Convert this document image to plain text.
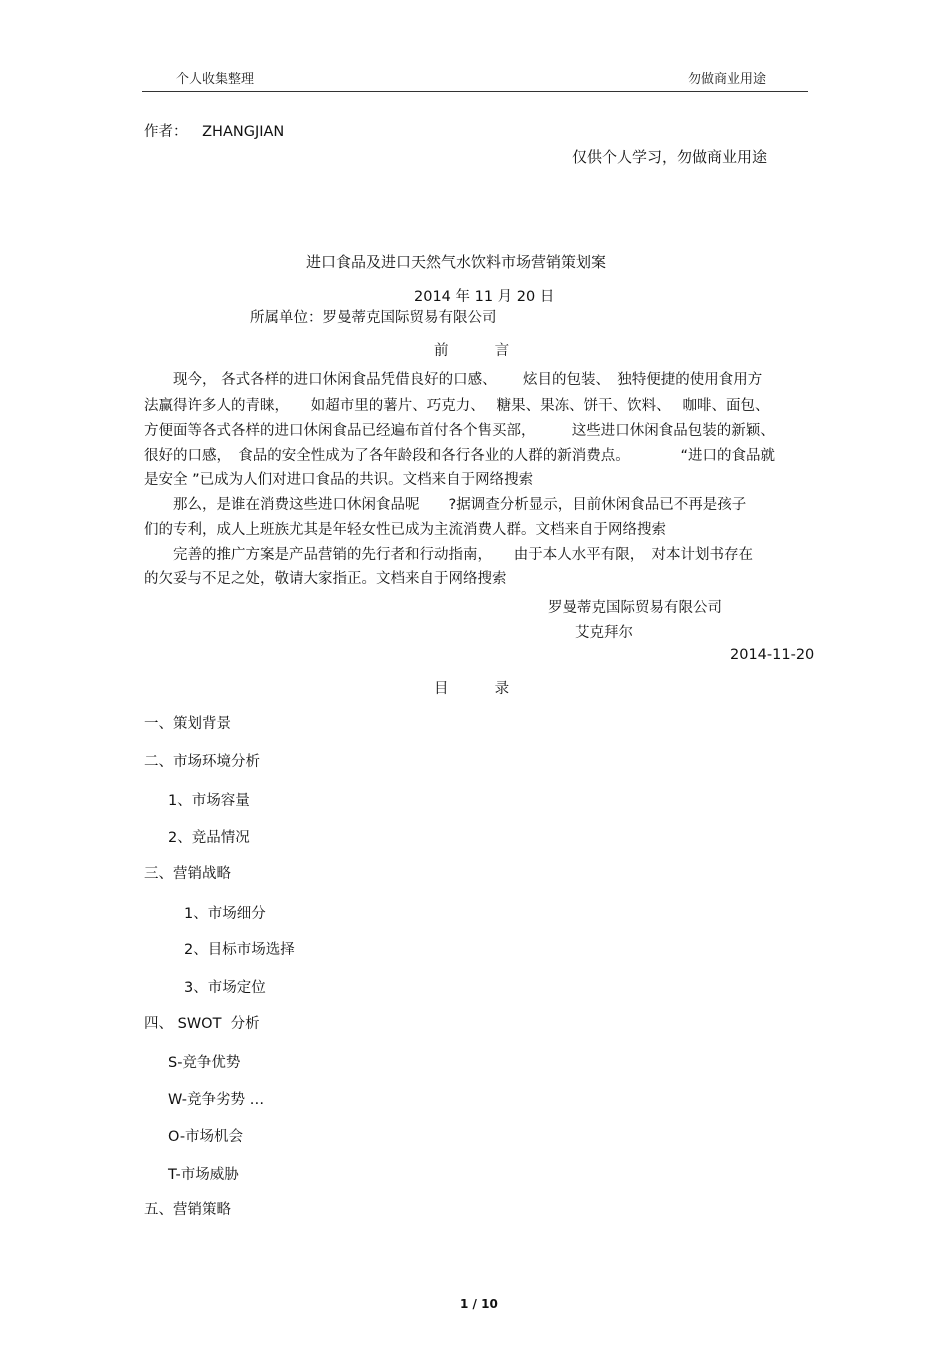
个人收集整理	勿做商业用途
作者： ZHANGJIAN
仅供个人学习，勿做商业用途
进口食品及进口天然气水饮料市场营销策划案
2014 年 11 月 20 日
所属单位：罗曼蒂克国际贸易有限公司
前          言
　　现今， 各式各样的进口休闲食品凭借良好的口感、　　 炫目的包装、　独特便捷的使用食用方
法赢得许多人的青睐，　　如超市里的薯片、巧克力、　 糖果、果冻、饼干、饮料、　 咖啡、面包、
方便面等各式各样的进口休闲食品已经遍布首付各个售买部，　　　这些进口休闲食品包装的新颖、
很好的口感，　食品的安全性成为了各年龄段和各行各业的人群的新消费点。　　　　“进口的食品就
是安全 ”已成为人们对进口食品的共识。文档来自于网络搜索
　　那么，是谁在消费这些进口休闲食品呢　　?据调查分析显示，目前休闲食品已不再是孩子
们的专利，成人上班族尤其是年轻女性已成为主流消费人群。文档来自于网络搜索
　　完善的推广方案是产品营销的先行者和行动指南，　　由于本人水平有限，　对本计划书存在
的欠妥与不足之处，敬请大家指正。文档来自于网络搜索
罗曼蒂克国际贸易有限公司
艾克拜尔
2014-11-20
目          录
一、策划背景
二、市场环境分析
1、市场容量
2、竞品情况
三、营销战略
1、市场细分
2、目标市场选择
3、市场定位
四、 SWOT  分析
S-竞争优势
W-竞争劣势 …
O-市场机会
T-市场威胁
五、营销策略
1 / 10
